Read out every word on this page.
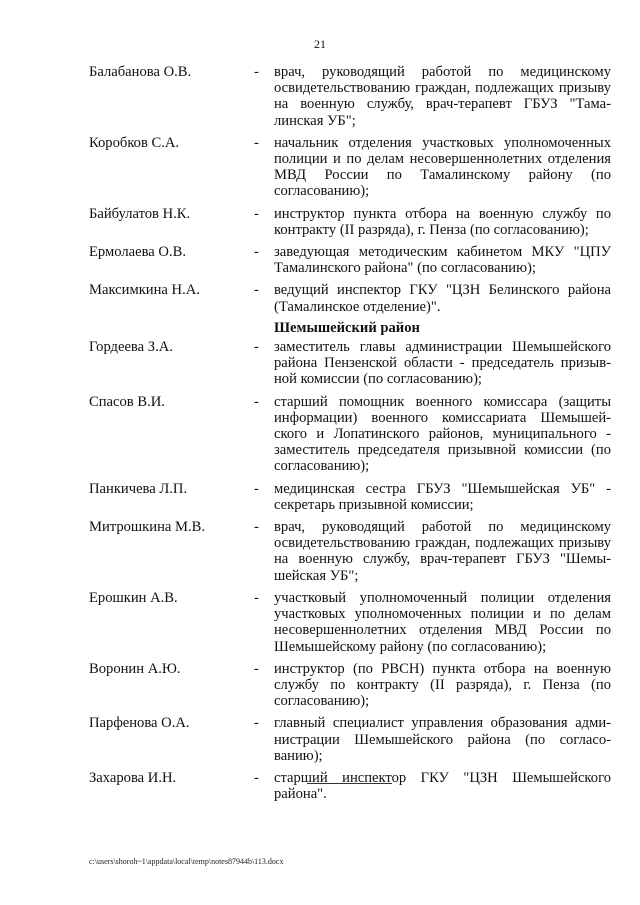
21
Балабанова О.В.	- врач, руководящий работой по медицинскому освидетельствованию граждан, подлежащих призыву на военную службу, врач-терапевт ГБУЗ "Тама-линская УБ";
Коробков С.А.	- начальник отделения участковых уполномоченных полиции и по делам несовершеннолетних отделения МВД России по Тамалинскому району (по согласованию);
Байбулатов Н.К.	- инструктор пункта отбора на военную службу по контракту (II разряда), г. Пенза (по согласованию);
Ермолаева О.В.	- заведующая методическим кабинетом МКУ "ЦПУ Тамалинского района" (по согласованию);
Максимкина Н.А.	- ведущий инспектор ГКУ "ЦЗН Белинского района (Тамалинское отделение)".
Шемышейский район
Гордеева З.А.	- заместитель главы администрации Шемышейского района Пензенской области - председатель призыв-ной комиссии (по согласованию);
Спасов В.И.	- старший помощник военного комиссара (защиты информации) военного комиссариата Шемышей-ского и Лопатинского районов, муниципального - заместитель председателя призывной комиссии (по согласованию);
Панкичева Л.П.	- медицинская сестра ГБУЗ "Шемышейская УБ" - секретарь призывной комиссии;
Митрошкина М.В.	- врач, руководящий работой по медицинскому освидетельствованию граждан, подлежащих призыву на военную службу, врач-терапевт ГБУЗ "Шемы-шейская УБ";
Ерошкин А.В.	- участковый уполномоченный полиции отделения участковых уполномоченных полиции и по делам несовершеннолетних отделения МВД России по Шемышейскому району (по согласованию);
Воронин А.Ю.	- инструктор (по РВСН) пункта отбора на военную службу по контракту (II разряда), г. Пенза (по согласованию);
Парфенова О.А.	- главный специалист управления образования адми-нистрации Шемышейского района (по согласо-ванию);
Захарова И.Н.	- старший инспектор ГКУ "ЦЗН Шемышейского района".
c:\users\shoroh~1\appdata\local\temp\notes87944b\113.docx
